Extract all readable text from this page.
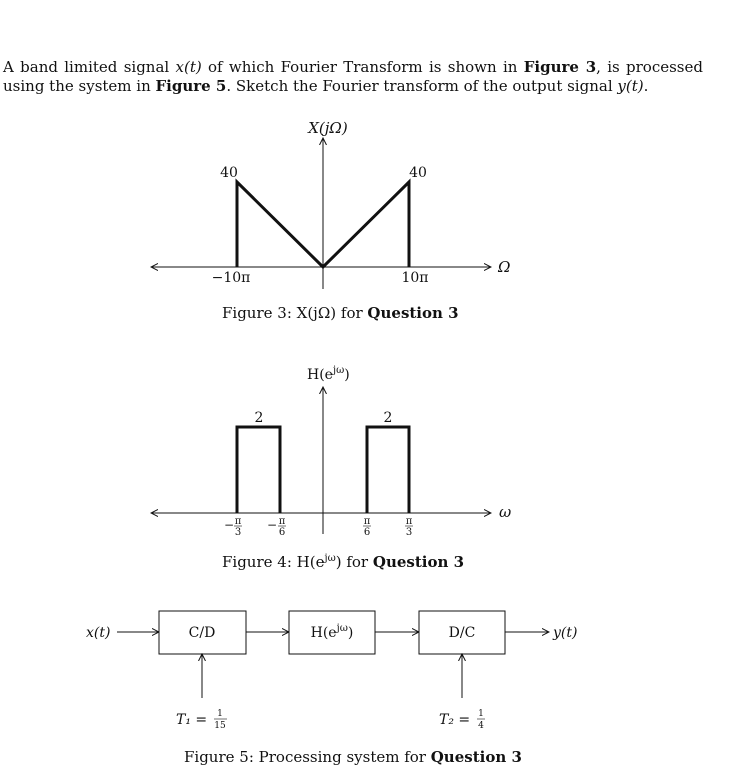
A band limited signal x(t) of which Fourier Transform is shown in Figure 3, is processed using the system in Figure 5. Sketch the Fourier transform of the output signal y(t).
X(jΩ)
Ω
40	40
−10π	10π
$H(e^{j\omega})$
ω
2	2
− π
3
− π
6
π
6
π
3
x(t)	C/D	$H(e^{j\omega})$	D/C	y(t)
T₁ = 1
15	T₂ = 1
4
Figure 3: X(jΩ) for Question 3
Figure 4: $H(e^{j\omega})$ for Question 3
Figure 5: Processing system for Question 3
